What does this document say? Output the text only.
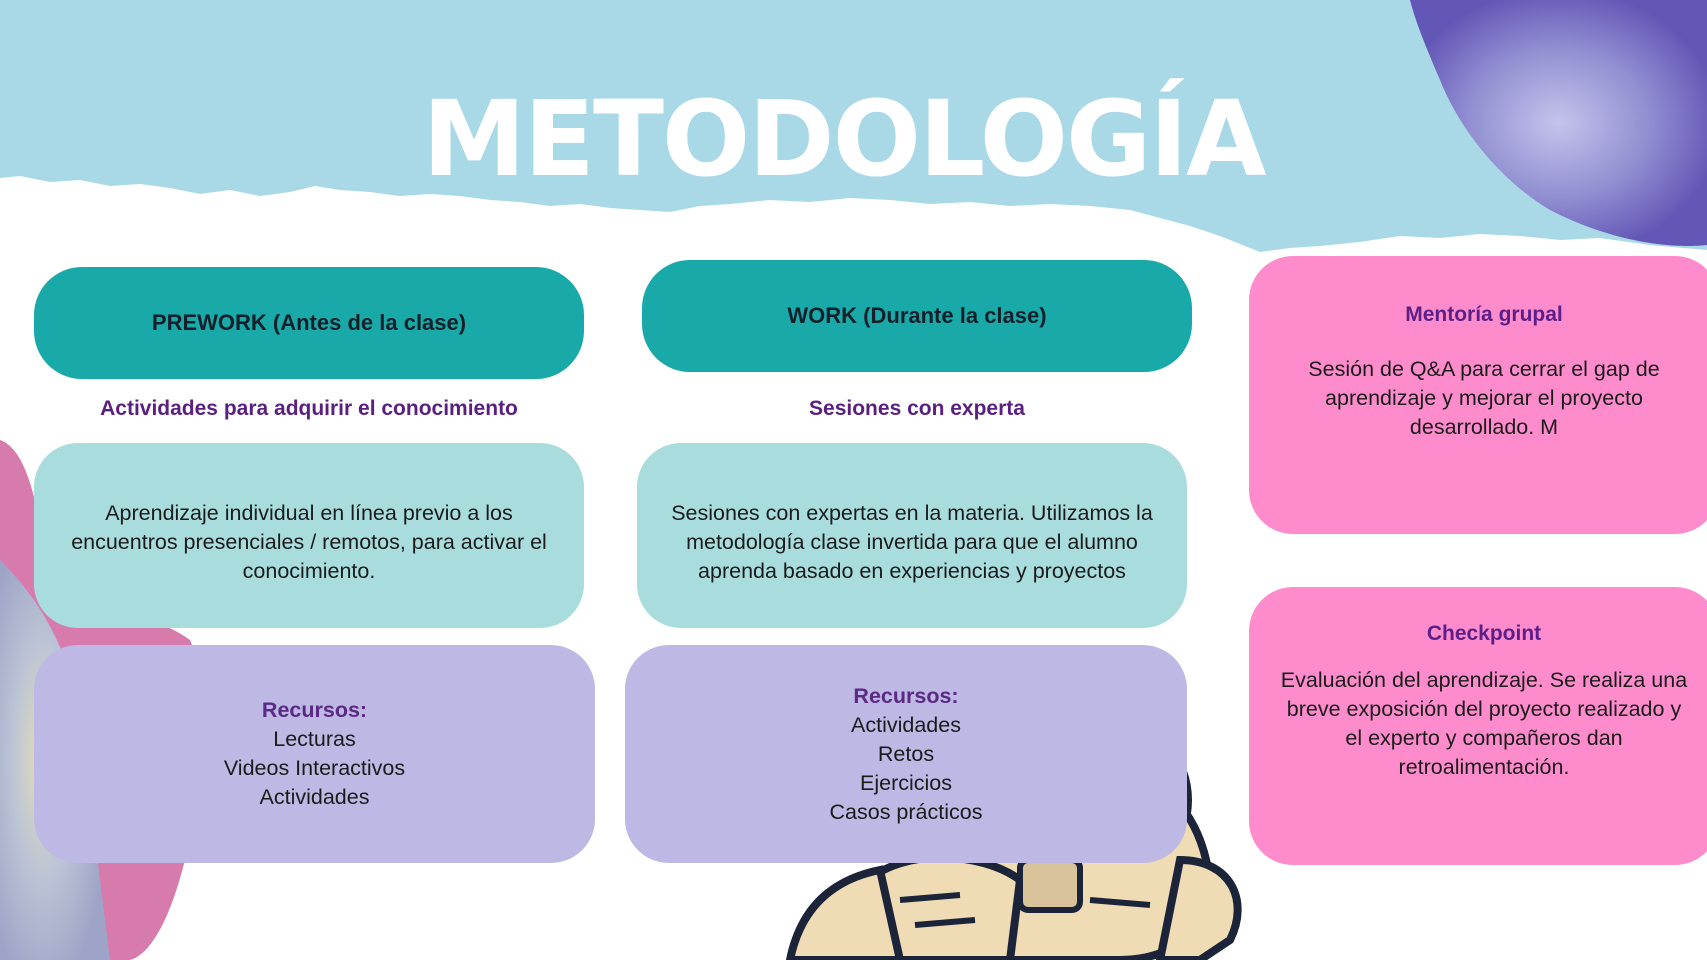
METODOLOGÍA
PREWORK (Antes de la clase)
Actividades para adquirir el conocimiento
Aprendizaje individual en línea previo a los
encuentros presenciales / remotos, para activar el
conocimiento.
Recursos:
Lecturas
Videos Interactivos
Actividades
WORK (Durante la clase)
Sesiones con experta
Sesiones con expertas en la materia. Utilizamos la
metodología clase invertida para que el alumno
aprenda basado en experiencias y proyectos
Recursos:
Actividades
Retos
Ejercicios
Casos prácticos
Mentoría grupal
Sesión de Q&A para cerrar el gap de
aprendizaje y mejorar el proyecto
desarrollado. M
Checkpoint
Evaluación del aprendizaje. Se realiza una
breve exposición del proyecto realizado y
el experto y compañeros dan
retroalimentación.
